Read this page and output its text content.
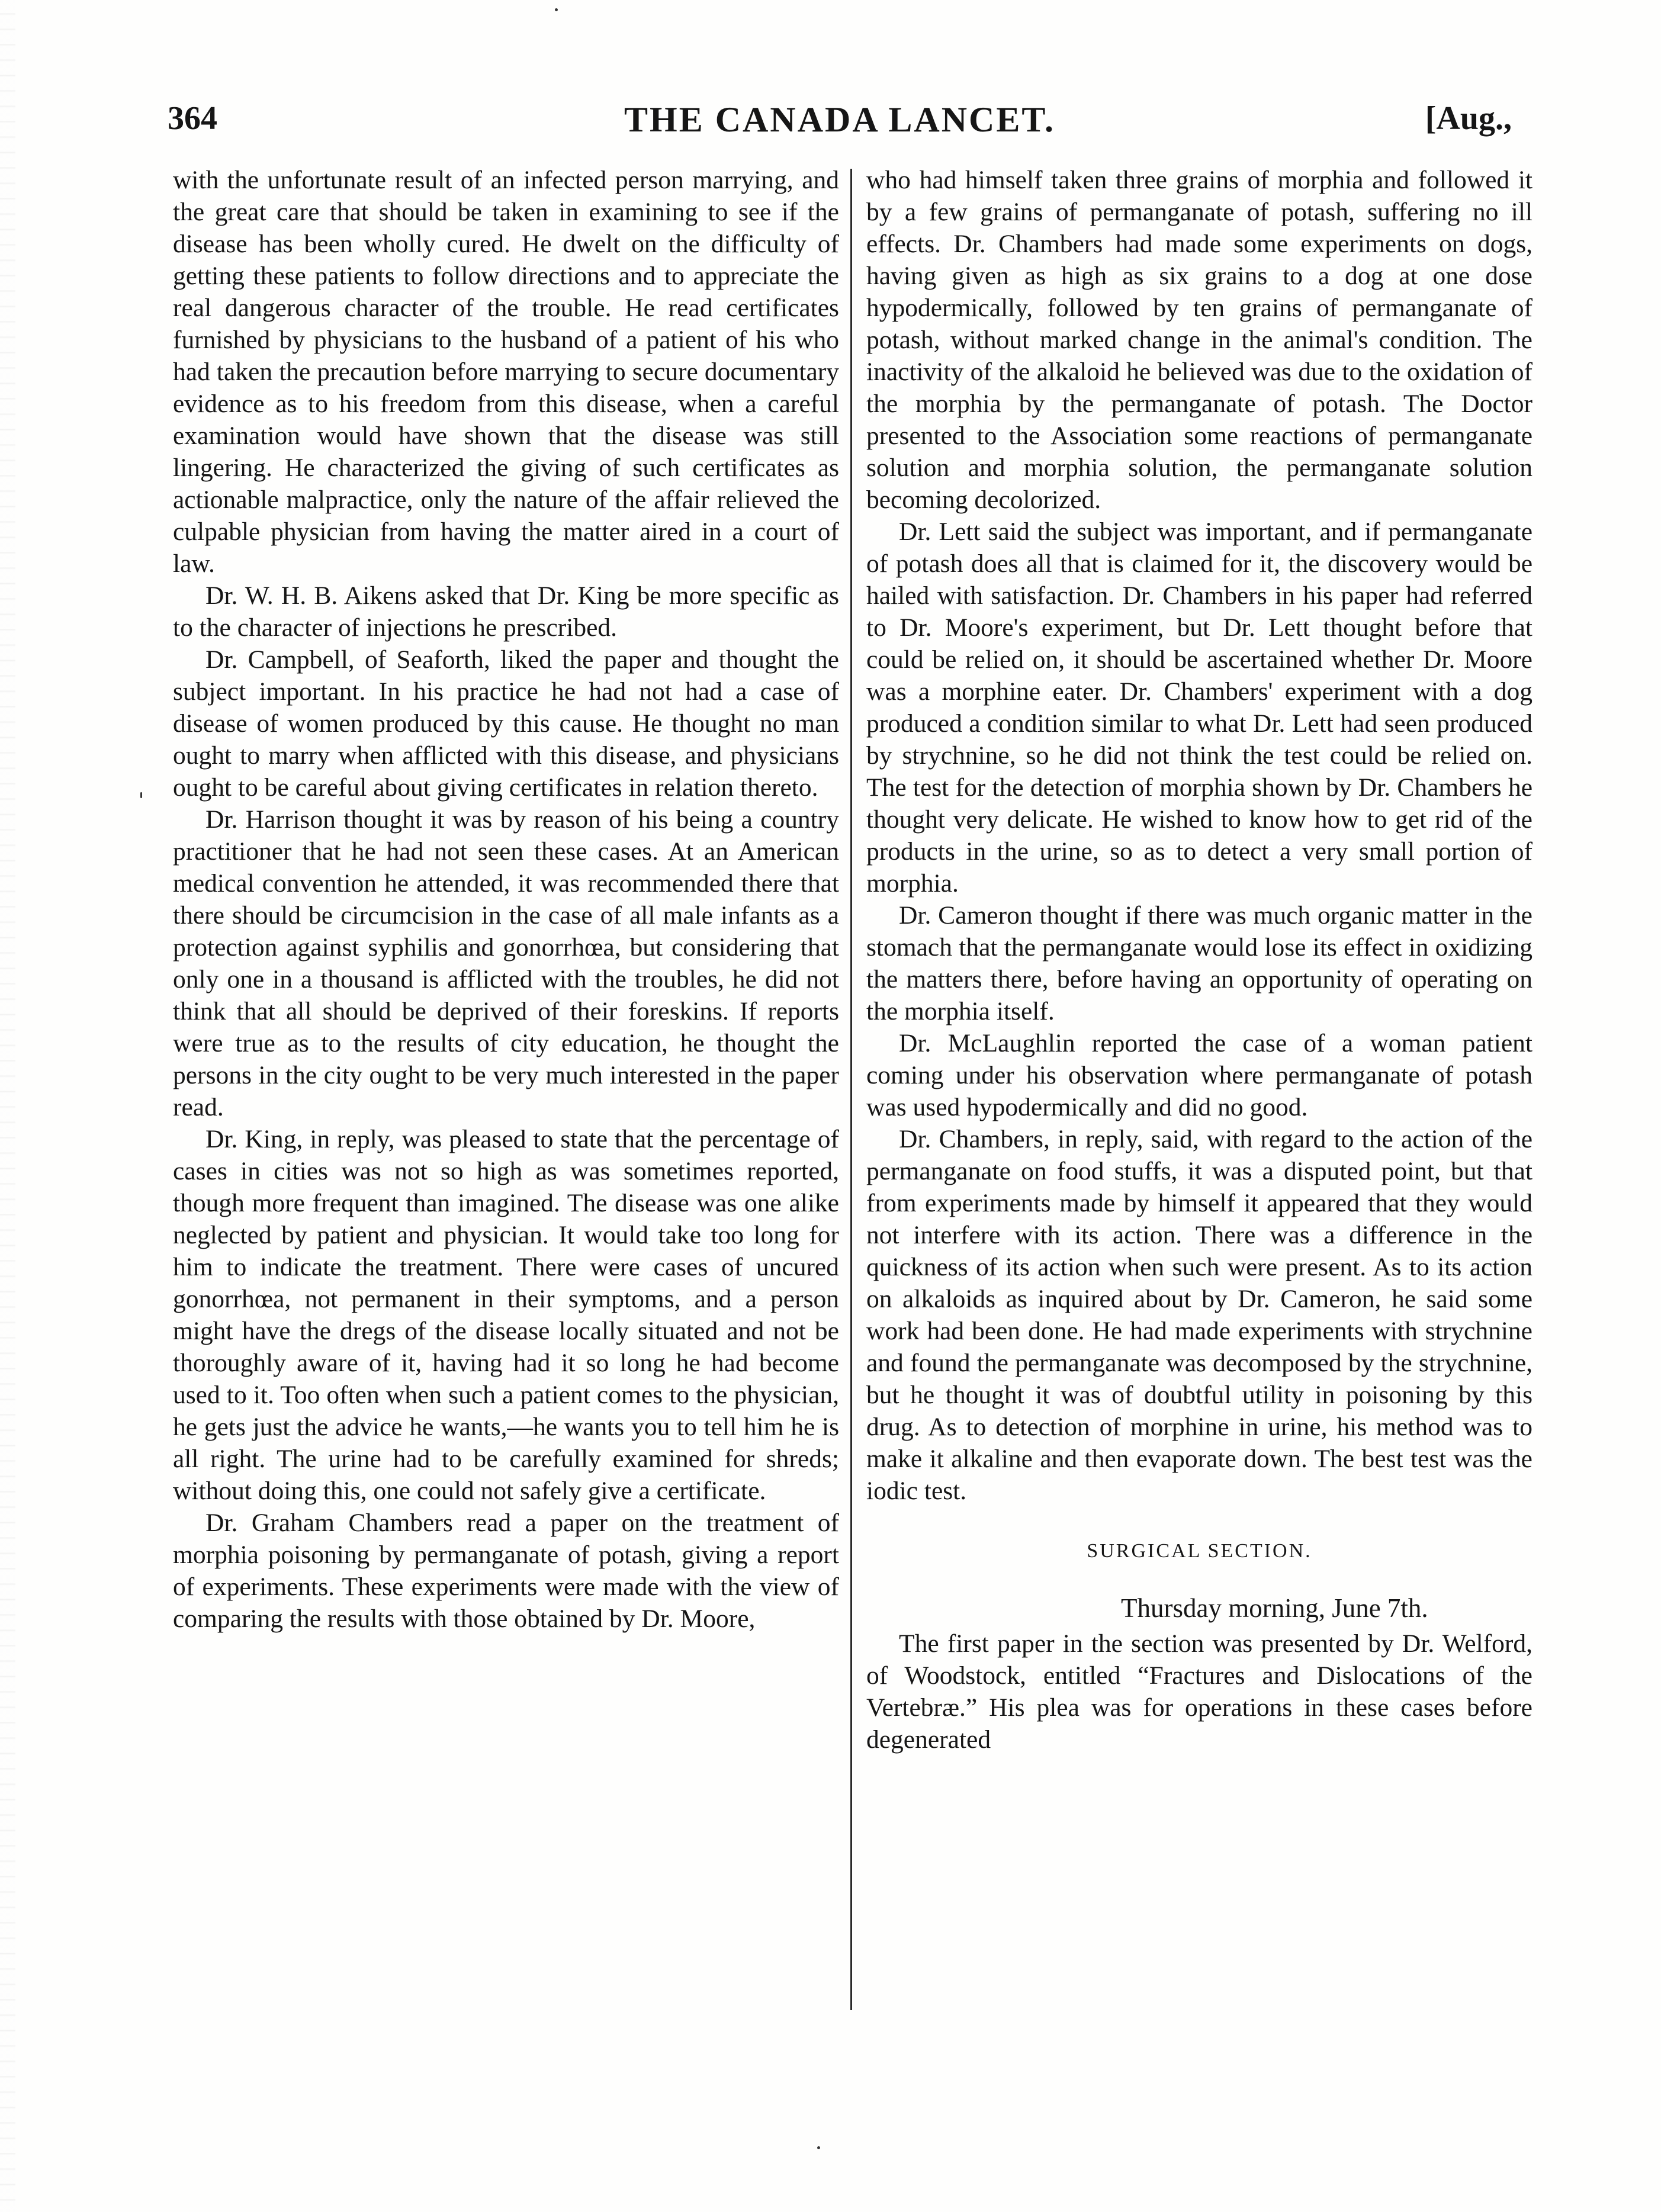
364	THE CANADA LANCET.	[Aug.,

with the unfortunate result of an infected person marrying, and the great care that should be taken in examining to see if the disease has been wholly cured. He dwelt on the difficulty of getting these patients to follow directions and to appreciate the real dangerous character of the trouble. He read certificates furnished by physicians to the husband of a patient of his who had taken the precaution before marrying to secure documentary evidence as to his freedom from this disease, when a careful examination would have shown that the disease was still lingering. He characterized the giving of such certificates as actionable malpractice, only the nature of the affair relieved the culpable physician from having the matter aired in a court of law.

Dr. W. H. B. Aikens asked that Dr. King be more specific as to the character of injections he prescribed.

Dr. Campbell, of Seaforth, liked the paper and thought the subject important. In his practice he had not had a case of disease of women produced by this cause. He thought no man ought to marry when afflicted with this disease, and physicians ought to be careful about giving certificates in relation thereto.

Dr. Harrison thought it was by reason of his being a country practitioner that he had not seen these cases. At an American medical convention he attended, it was recommended there that there should be circumcision in the case of all male infants as a protection against syphilis and gonorrhœa, but considering that only one in a thousand is afflicted with the troubles, he did not think that all should be deprived of their foreskins. If reports were true as to the results of city education, he thought the persons in the city ought to be very much interested in the paper read.

Dr. King, in reply, was pleased to state that the percentage of cases in cities was not so high as was sometimes reported, though more frequent than imagined. The disease was one alike neglected by patient and physician. It would take too long for him to indicate the treatment. There were cases of uncured gonorrhœa, not permanent in their symptoms, and a person might have the dregs of the disease locally situated and not be thoroughly aware of it, having had it so long he had become used to it. Too often when such a patient comes to the physician, he gets just the advice he wants,—he wants you to tell him he is all right. The urine had to be carefully examined for shreds; without doing this, one could not safely give a certificate.

Dr. Graham Chambers read a paper on the treatment of morphia poisoning by permanganate of potash, giving a report of experiments. These experiments were made with the view of comparing the results with those obtained by Dr. Moore,

who had himself taken three grains of morphia and followed it by a few grains of permanganate of potash, suffering no ill effects. Dr. Chambers had made some experiments on dogs, having given as high as six grains to a dog at one dose hypodermically, followed by ten grains of permanganate of potash, without marked change in the animal's condition. The inactivity of the alkaloid he believed was due to the oxidation of the morphia by the permanganate of potash. The Doctor presented to the Association some reactions of permanganate solution and morphia solution, the permanganate solution becoming decolorized.

Dr. Lett said the subject was important, and if permanganate of potash does all that is claimed for it, the discovery would be hailed with satisfaction. Dr. Chambers in his paper had referred to Dr. Moore's experiment, but Dr. Lett thought before that could be relied on, it should be ascertained whether Dr. Moore was a morphine eater. Dr. Chambers' experiment with a dog produced a condition similar to what Dr. Lett had seen produced by strychnine, so he did not think the test could be relied on. The test for the detection of morphia shown by Dr. Chambers he thought very delicate. He wished to know how to get rid of the products in the urine, so as to detect a very small portion of morphia.

Dr. Cameron thought if there was much organic matter in the stomach that the permanganate would lose its effect in oxidizing the matters there, before having an opportunity of operating on the morphia itself.

Dr. McLaughlin reported the case of a woman patient coming under his observation where permanganate of potash was used hypodermically and did no good.

Dr. Chambers, in reply, said, with regard to the action of the permanganate on food stuffs, it was a disputed point, but that from experiments made by himself it appeared that they would not interfere with its action. There was a difference in the quickness of its action when such were present. As to its action on alkaloids as inquired about by Dr. Cameron, he said some work had been done. He had made experiments with strychnine and found the permanganate was decomposed by the strychnine, but he thought it was of doubtful utility in poisoning by this drug. As to detection of morphine in urine, his method was to make it alkaline and then evaporate down. The best test was the iodic test.

SURGICAL SECTION.
Thursday morning, June 7th.

The first paper in the section was presented by Dr. Welford, of Woodstock, entitled “Fractures and Dislocations of the Vertebræ.” His plea was for operations in these cases before degenerated
